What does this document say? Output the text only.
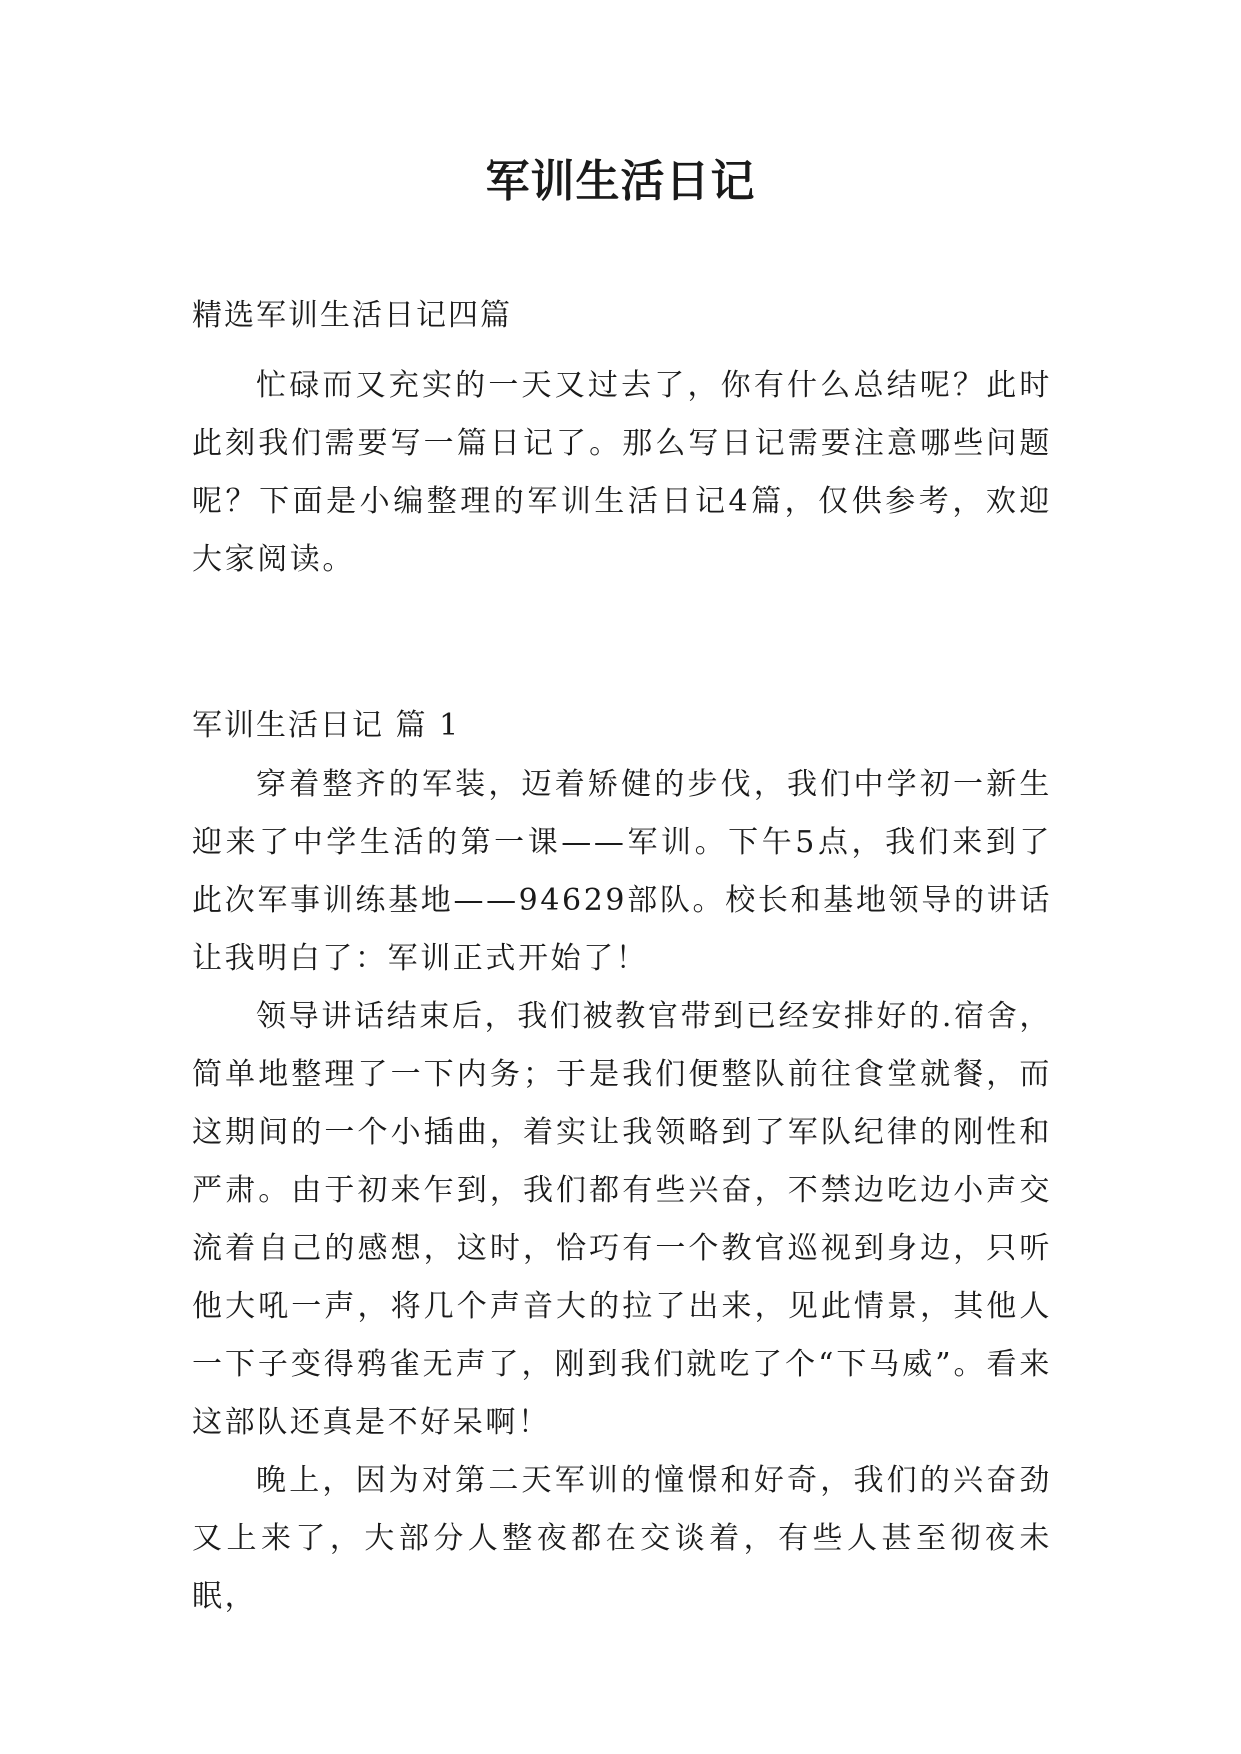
军训生活日记
精选军训生活日记四篇

忙碌而又充实的一天又过去了，你有什么总结呢？此时此刻我们需要写一篇日记了。那么写日记需要注意哪些问题呢？下面是小编整理的军训生活日记4篇，仅供参考，欢迎大家阅读。

军训生活日记 篇 1

穿着整齐的军装，迈着矫健的步伐，我们中学初一新生迎来了中学生活的第一课——军训。下午5点，我们来到了此次军事训练基地——94629部队。校长和基地领导的讲话让我明白了：军训正式开始了！

领导讲话结束后，我们被教官带到已经安排好的.宿舍，简单地整理了一下内务；于是我们便整队前往食堂就餐，而这期间的一个小插曲，着实让我领略到了军队纪律的刚性和严肃。由于初来乍到，我们都有些兴奋，不禁边吃边小声交流着自己的感想，这时，恰巧有一个教官巡视到身边，只听他大吼一声，将几个声音大的拉了出来，见此情景，其他人一下子变得鸦雀无声了，刚到我们就吃了个“下马威”。看来这部队还真是不好呆啊！

晚上，因为对第二天军训的憧憬和好奇，我们的兴奋劲又上来了，大部分人整夜都在交谈着，有些人甚至彻夜未眠，
